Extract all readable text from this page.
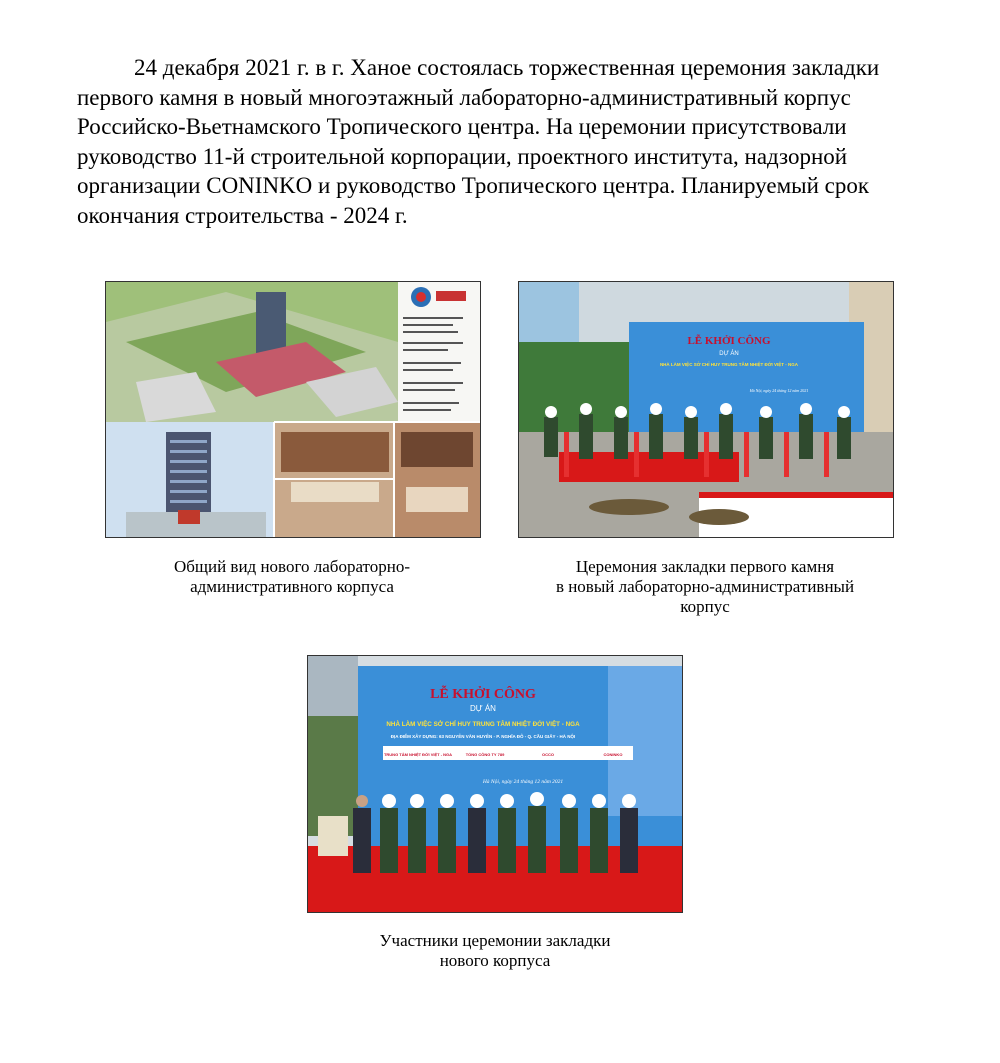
24 декабря 2021 г. в г. Ханое состоялась торжественная церемония закладки первого камня в новый многоэтажный лабораторно-административный корпус Российско-Вьетнамского Тропического центра. На церемонии присутствовали руководство 11-й строительной корпорации, проектного института, надзорной организации CONINKO и руководство Тропического центра. Планируемый срок окончания строительства - 2024 г.

LỄ KHỞI CÔNG
DỰ ÁN
NHÀ LÀM VIỆC SỞ CHỈ HUY TRUNG TÂM NHIỆT ĐỚI VIỆT - NGA
Hà Nội, ngày 24 tháng 12 năm 2021
LỄ KHỞI CÔNG
DỰ ÁN
NHÀ LÀM VIỆC SỞ CHỈ HUY TRUNG TÂM NHIỆT ĐỚI VIỆT - NGA
ĐỊA ĐIỂM XÂY DỰNG: 63 NGUYỄN VĂN HUYÊN - P. NGHĨA ĐÔ - Q. CẦU GIẤY - HÀ NỘI
TRUNG TÂM NHIỆT ĐỚI VIỆT - NGA	TỔNG CÔNG TY 789	OCCO	CONINKO
Hà Nội, ngày 24 tháng 12 năm 2021

Общий вид нового лабораторно-
административного корпуса

Церемония закладки первого камня
в новый лабораторно-административный
корпус

Участники церемонии закладки
нового корпуса
